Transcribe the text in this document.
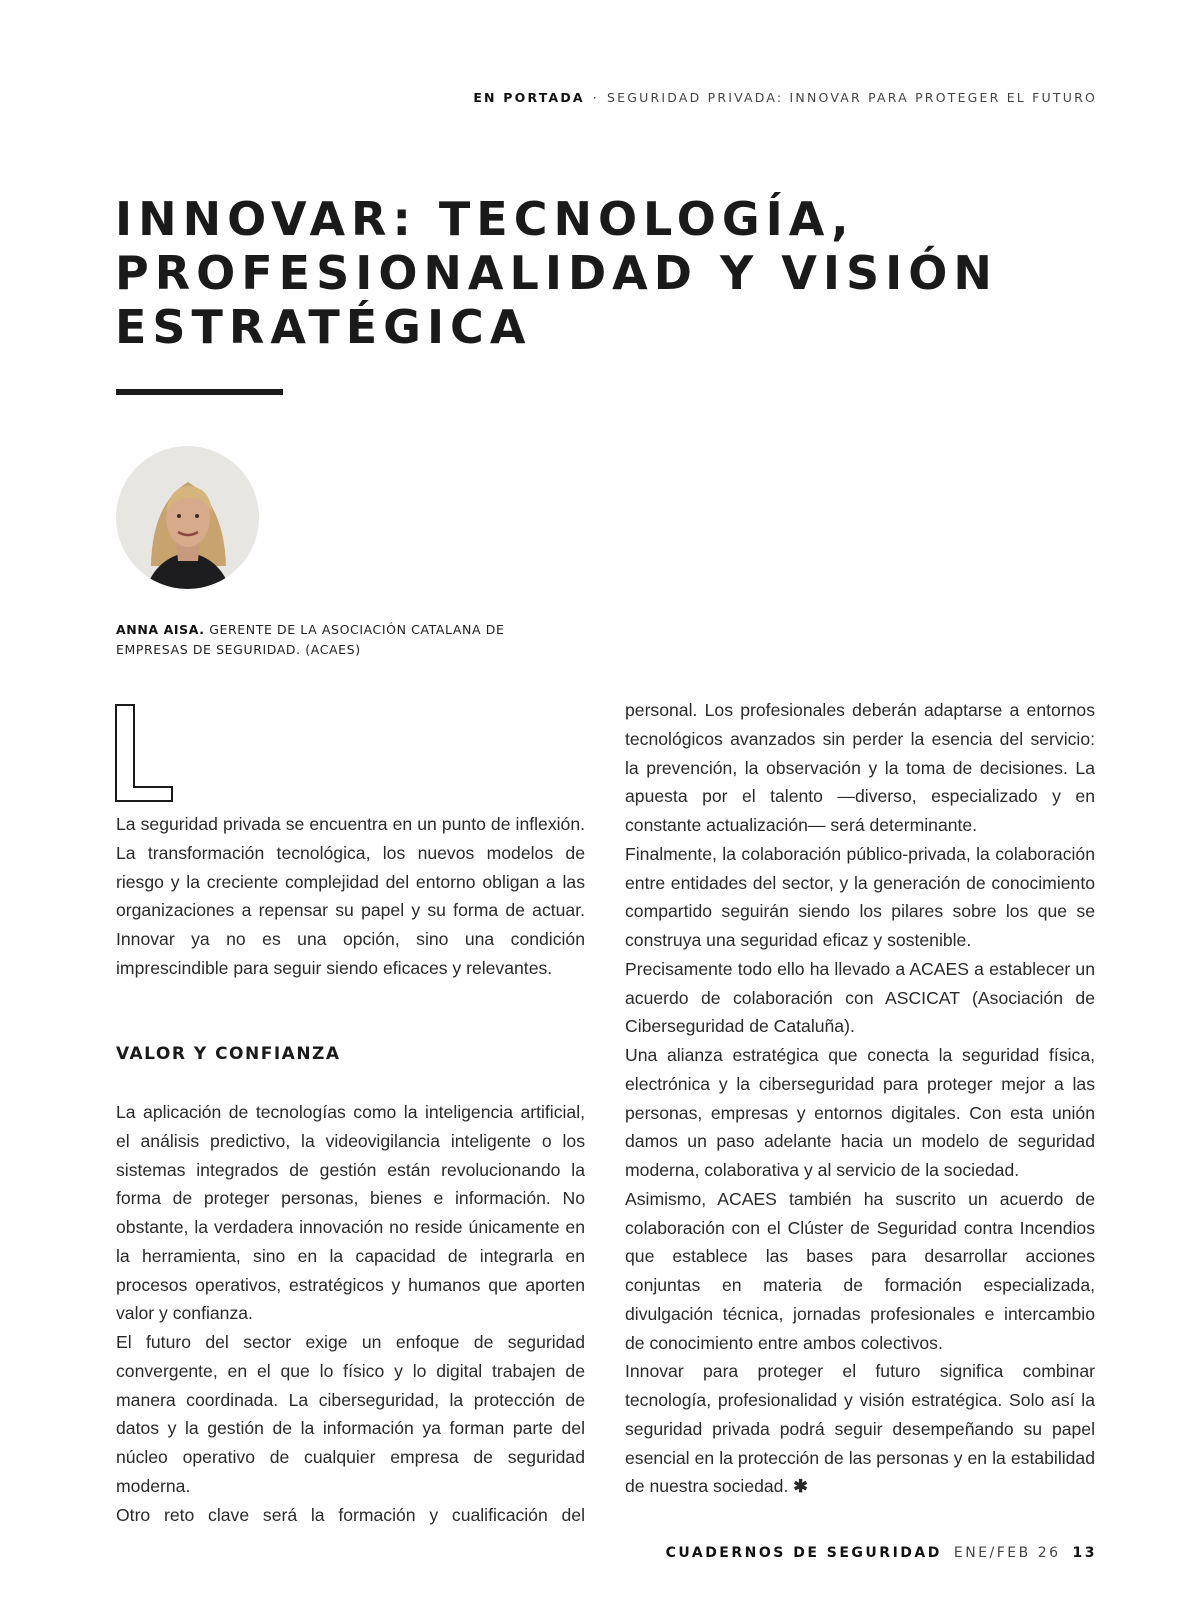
EN PORTADA · SEGURIDAD PRIVADA: INNOVAR PARA PROTEGER EL FUTURO
INNOVAR: TECNOLOGÍA, PROFESIONALIDAD Y VISIÓN ESTRATÉGICA
ANNA AISA. GERENTE DE LA ASOCIACIÓN CATALANA DE EMPRESAS DE SEGURIDAD. (ACAES)

La seguridad privada se encuentra en un punto de inflexión. La transformación tecnológica, los nuevos modelos de riesgo y la creciente complejidad del entorno obligan a las organizaciones a repensar su papel y su forma de actuar. Innovar ya no es una opción, sino una condición imprescindible para seguir siendo eficaces y relevantes.

VALOR Y CONFIANZA

La aplicación de tecnologías como la inteligencia artificial, el análisis predictivo, la videovigilancia inteligente o los sistemas integrados de gestión están revolucionando la forma de proteger personas, bienes e información. No obstante, la verdadera innovación no reside únicamente en la herramienta, sino en la capacidad de integrarla en procesos operativos, estratégicos y humanos que aporten valor y confianza.

El futuro del sector exige un enfoque de seguridad convergente, en el que lo físico y lo digital trabajen de manera coordinada. La ciberseguridad, la protección de datos y la gestión de la información ya forman parte del núcleo operativo de cualquier empresa de seguridad moderna.

Otro reto clave será la formación y cualificación del

personal. Los profesionales deberán adaptarse a entornos tecnológicos avanzados sin perder la esencia del servicio: la prevención, la observación y la toma de decisiones. La apuesta por el talento —diverso, especializado y en constante actualización— será determinante.

Finalmente, la colaboración público-privada, la colaboración entre entidades del sector, y la generación de conocimiento compartido seguirán siendo los pilares sobre los que se construya una seguridad eficaz y sostenible.

Precisamente todo ello ha llevado a ACAES a establecer un acuerdo de colaboración con ASCICAT (Asociación de Ciberseguridad de Cataluña).

Una alianza estratégica que conecta la seguridad física, electrónica y la ciberseguridad para proteger mejor a las personas, empresas y entornos digitales. Con esta unión damos un paso adelante hacia un modelo de seguridad moderna, colaborativa y al servicio de la sociedad.

Asimismo, ACAES también ha suscrito un acuerdo de colaboración con el Clúster de Seguridad contra Incendios que establece las bases para desarrollar acciones conjuntas en materia de formación especializada, divulgación técnica, jornadas profesionales e intercambio de conocimiento entre ambos colectivos.

Innovar para proteger el futuro significa combinar tecnología, profesionalidad y visión estratégica. Solo así la seguridad privada podrá seguir desempeñando su papel esencial en la protección de las personas y en la estabilidad de nuestra sociedad. ✱

CUADERNOS DE SEGURIDAD ENE/FEB 26 13
